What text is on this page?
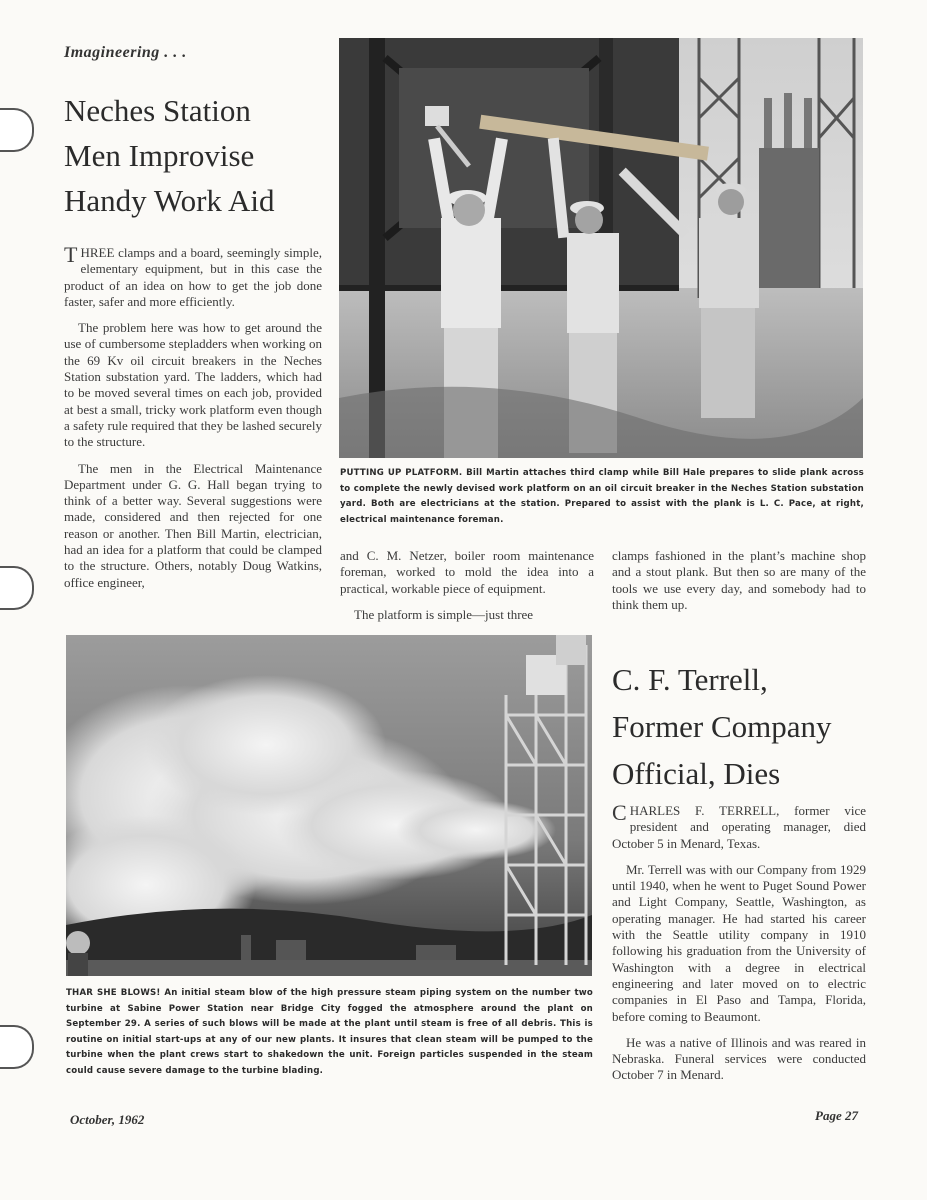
Imagineering . . .
Neches Station
Men Improvise
Handy Work Aid

THREE clamps and a board, seemingly simple, elementary equipment, but in this case the product of an idea on how to get the job done faster, safer and more efficiently.

The problem here was how to get around the use of cumbersome stepladders when working on the 69 Kv oil circuit breakers in the Neches Station substation yard. The ladders, which had to be moved several times on each job, provided at best a small, tricky work platform even though a safety rule required that they be lashed securely to the structure.

The men in the Electrical Maintenance Department under G. G. Hall began trying to think of a better way. Several suggestions were made, considered and then rejected for one reason or another. Then Bill Martin, electrician, had an idea for a platform that could be clamped to the structure. Others, notably Doug Watkins, office engineer,

PUTTING UP PLATFORM. Bill Martin attaches third clamp while Bill Hale prepares to slide plank across to complete the newly devised work platform on an oil circuit breaker in the Neches Station substation yard. Both are electricians at the station. Prepared to assist with the plank is L. C. Pace, at right, electrical maintenance foreman.

and C. M. Netzer, boiler room maintenance foreman, worked to mold the idea into a practical, workable piece of equipment.

The platform is simple—just three

clamps fashioned in the plant’s machine shop and a stout plank. But then so are many of the tools we use every day, and somebody had to think them up.

THAR SHE BLOWS! An initial steam blow of the high pressure steam piping system on the number two turbine at Sabine Power Station near Bridge City fogged the atmosphere around the plant on September 29. A series of such blows will be made at the plant until steam is free of all debris. This is routine on initial start-ups at any of our new plants. It insures that clean steam will be pumped to the turbine when the plant crews start to shakedown the unit. Foreign particles suspended in the steam could cause severe damage to the turbine blading.
C. F. Terrell,
Former Company
Official, Dies

CHARLES F. TERRELL, former vice president and operating manager, died October 5 in Menard, Texas.

Mr. Terrell was with our Company from 1929 until 1940, when he went to Puget Sound Power and Light Company, Seattle, Washington, as operating manager. He had started his career with the Seattle utility company in 1910 following his graduation from the University of Washington with a degree in electrical engineering and later moved on to electric companies in El Paso and Tampa, Florida, before coming to Beaumont.

He was a native of Illinois and was reared in Nebraska. Funeral services were conducted October 7 in Menard.

October, 1962	Page 27
